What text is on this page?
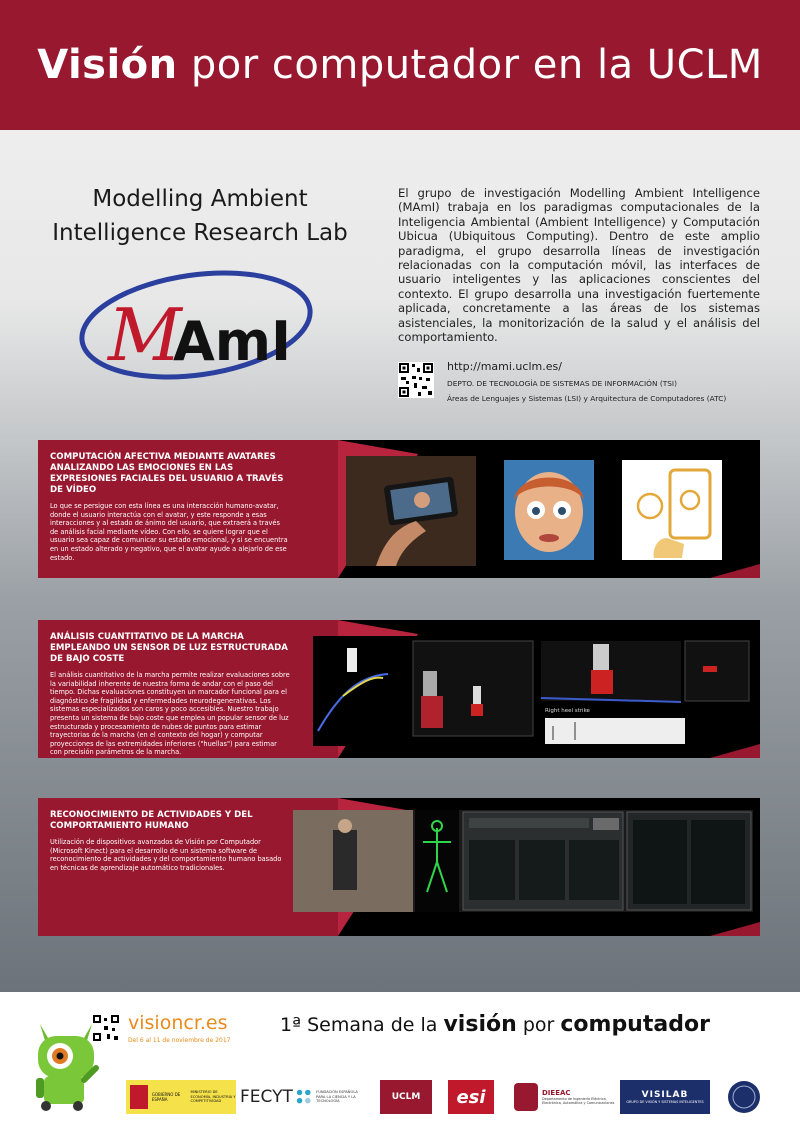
Visión por computador en la UCLM
Modelling Ambient
Intelligence Research Lab
M
AmI
El grupo de investigación Modelling Ambient Intelligence (MAmI) trabaja en los paradigmas computacionales de la Inteligencia Ambiental (Ambient Intelligence) y Computación Ubicua (Ubiquitous Computing). Dentro de este amplio paradigma, el grupo desarrolla líneas de investigación relacionadas con la computación móvil, las interfaces de usuario inteligentes y las aplicaciones conscientes del contexto. El grupo desarrolla una investigación fuertemente aplicada, concretamente a las áreas de los sistemas asistenciales, la monitorización de la salud y el análisis del comportamiento.
http://mami.uclm.es/
DEPTO. DE TECNOLOGÍA DE SISTEMAS DE INFORMACIÓN (TSI)
Áreas de Lenguajes y Sistemas (LSI) y Arquitectura de Computadores (ATC)
COMPUTACIÓN AFECTIVA MEDIANTE AVATARES ANALIZANDO LAS EMOCIONES EN LAS EXPRESIONES FACIALES DEL USUARIO A TRAVÉS DE VÍDEO
Lo que se persigue con esta línea es una interacción humano-avatar, donde el usuario interactúa con el avatar, y este responde a esas interacciones y al estado de ánimo del usuario, que extraerá a través de análisis facial mediante vídeo. Con ello, se quiere lograr que el usuario sea capaz de comunicar su estado emocional, y si se encuentra en un estado alterado y negativo, que el avatar ayude a alejarlo de ese estado.
ANÁLISIS CUANTITATIVO DE LA MARCHA EMPLEANDO UN SENSOR DE LUZ ESTRUCTURADA DE BAJO COSTE
El análisis cuantitativo de la marcha permite realizar evaluaciones sobre la variabilidad inherente de nuestra forma de andar con el paso del tiempo. Dichas evaluaciones constituyen un marcador funcional para el diagnóstico de fragilidad y enfermedades neurodegenerativas. Los sistemas especializados son caros y poco accesibles. Nuestro trabajo presenta un sistema de bajo coste que emplea un popular sensor de luz estructurada y procesamiento de nubes de puntos para estimar trayectorias de la marcha (en el contexto del hogar) y computar proyecciones de las extremidades inferiores ("huellas") para estimar con precisión parámetros de la marcha.
Right heel strike
RECONOCIMIENTO DE ACTIVIDADES Y DEL COMPORTAMIENTO HUMANO
Utilización de dispositivos avanzados de Visión por Computador (Microsoft Kinect) para el desarrollo de un sistema software de reconocimiento de actividades y del comportamiento humano basado en técnicas de aprendizaje automático tradicionales.
visioncr.es
Del 6 al 11 de noviembre de 2017
1ª Semana de la visión por computador
GOBIERNO DE ESPAÑA
MINISTERIO DE ECONOMÍA, INDUSTRIA Y COMPETITIVIDAD	FECYT	FUNDACIÓN ESPAÑOLA PARA LA CIENCIA Y LA TECNOLOGÍA	UCLM esi	DIEEAC
Departamento de Ingeniería Eléctrica, Electrónica, Automática y Comunicaciones
VISILAB
GRUPO DE VISIÓN Y SISTEMAS INTELIGENTES
